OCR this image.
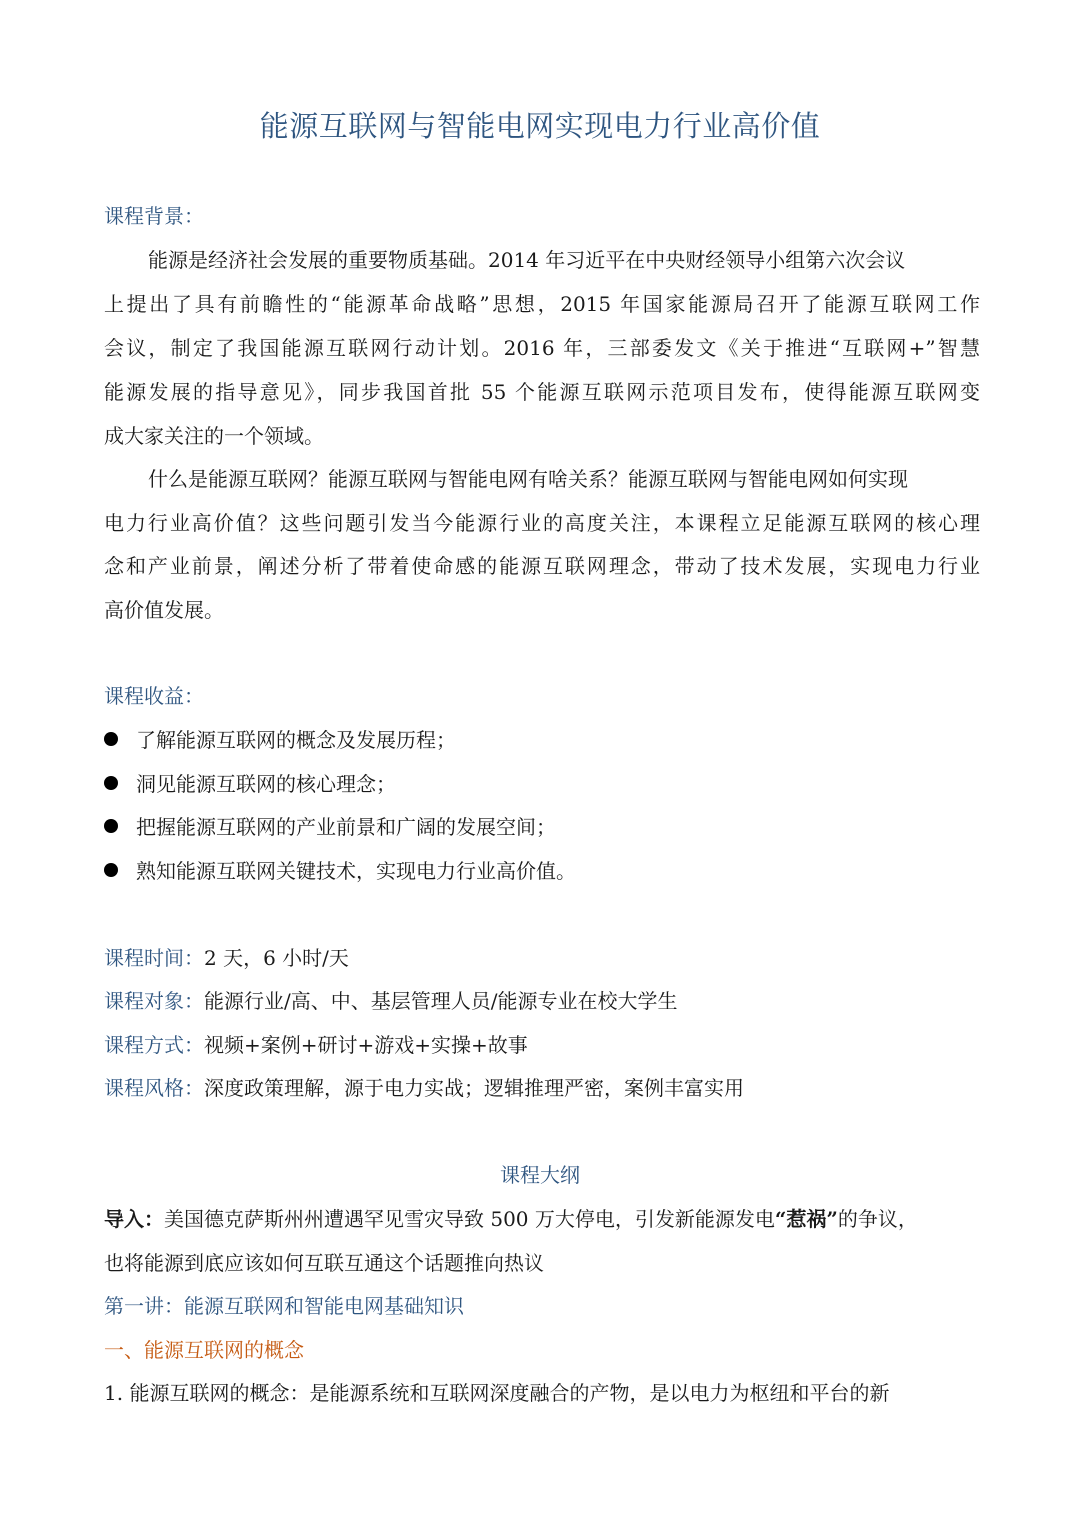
能源互联网与智能电网实现电力行业高价值
课程背景：
能源是经济社会发展的重要物质基础。2014 年习近平在中央财经领导小组第六次会议
上提出了具有前瞻性的“能源革命战略”思想，2015 年国家能源局召开了能源互联网工作
会议，制定了我国能源互联网行动计划。2016 年，三部委发文《关于推进“互联网+”智慧
能源发展的指导意见》，同步我国首批 55 个能源互联网示范项目发布，使得能源互联网变
成大家关注的一个领域。
什么是能源互联网？能源互联网与智能电网有啥关系？能源互联网与智能电网如何实现
电力行业高价值？这些问题引发当今能源行业的高度关注，本课程立足能源互联网的核心理
念和产业前景，阐述分析了带着使命感的能源互联网理念，带动了技术发展，实现电力行业
高价值发展。
课程收益：
了解能源互联网的概念及发展历程；
洞见能源互联网的核心理念；
把握能源互联网的产业前景和广阔的发展空间；
熟知能源互联网关键技术，实现电力行业高价值。
课程时间：2 天，6 小时/天
课程对象：能源行业/高、中、基层管理人员/能源专业在校大学生
课程方式：视频+案例+研讨+游戏+实操+故事
课程风格：深度政策理解，源于电力实战；逻辑推理严密，案例丰富实用
课程大纲
导入：美国德克萨斯州州遭遇罕见雪灾导致 500 万大停电，引发新能源发电“惹祸”的争议，
也将能源到底应该如何互联互通这个话题推向热议
第一讲：能源互联网和智能电网基础知识
一、能源互联网的概念
1. 能源互联网的概念：是能源系统和互联网深度融合的产物，是以电力为枢纽和平台的新
